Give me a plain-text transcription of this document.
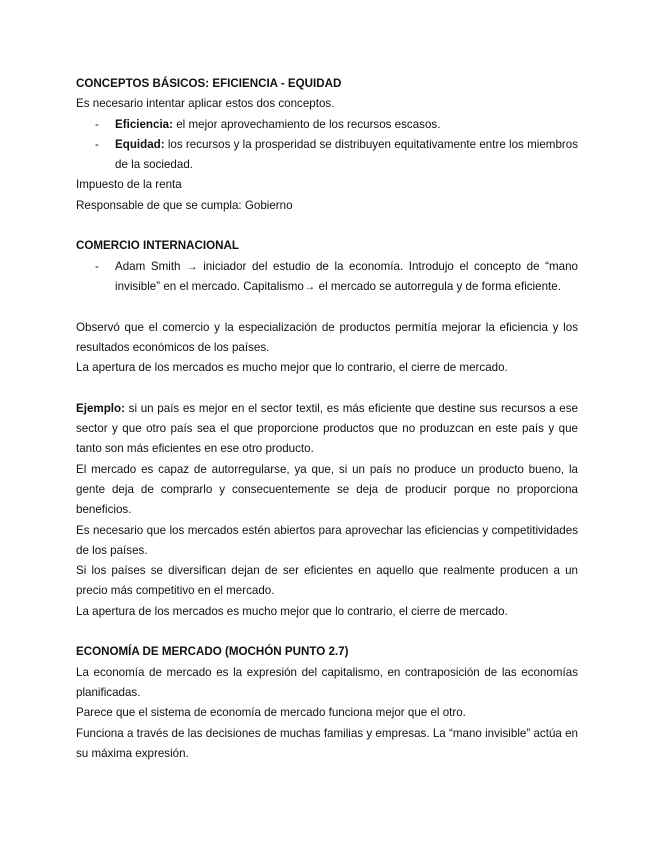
CONCEPTOS BÁSICOS: EFICIENCIA - EQUIDAD
Es necesario intentar aplicar estos dos conceptos.
- Eficiencia: el mejor aprovechamiento de los recursos escasos.
- Equidad: los recursos y la prosperidad se distribuyen equitativamente entre los miembros de la sociedad.
Impuesto de la renta
Responsable de que se cumpla: Gobierno
COMERCIO INTERNACIONAL
- Adam Smith → iniciador del estudio de la economía. Introdujo el concepto de “mano invisible” en el mercado. Capitalismo→ el mercado se autorregula y de forma eficiente.
Observó que el comercio y la especialización de productos permitía mejorar la eficiencia y los resultados económicos de los países.
La apertura de los mercados es mucho mejor que lo contrario, el cierre de mercado.
Ejemplo: si un país es mejor en el sector textil, es más eficiente que destine sus recursos a ese sector y que otro país sea el que proporcione productos que no produzcan en este país y que tanto son más eficientes en ese otro producto.
El mercado es capaz de autorregularse, ya que, si un país no produce un producto bueno, la gente deja de comprarlo y consecuentemente se deja de producir porque no proporciona beneficios.
Es necesario que los mercados estén abiertos para aprovechar las eficiencias y competitividades de los países.
Si los países se diversifican dejan de ser eficientes en aquello que realmente producen a un precio más competitivo en el mercado.
La apertura de los mercados es mucho mejor que lo contrario, el cierre de mercado.
ECONOMÍA DE MERCADO (MOCHÓN PUNTO 2.7)
La economía de mercado es la expresión del capitalismo, en contraposición de las economías planificadas.
Parece que el sistema de economía de mercado funciona mejor que el otro.
Funciona a través de las decisiones de muchas familias y empresas. La “mano invisible” actúa en su máxima expresión.
